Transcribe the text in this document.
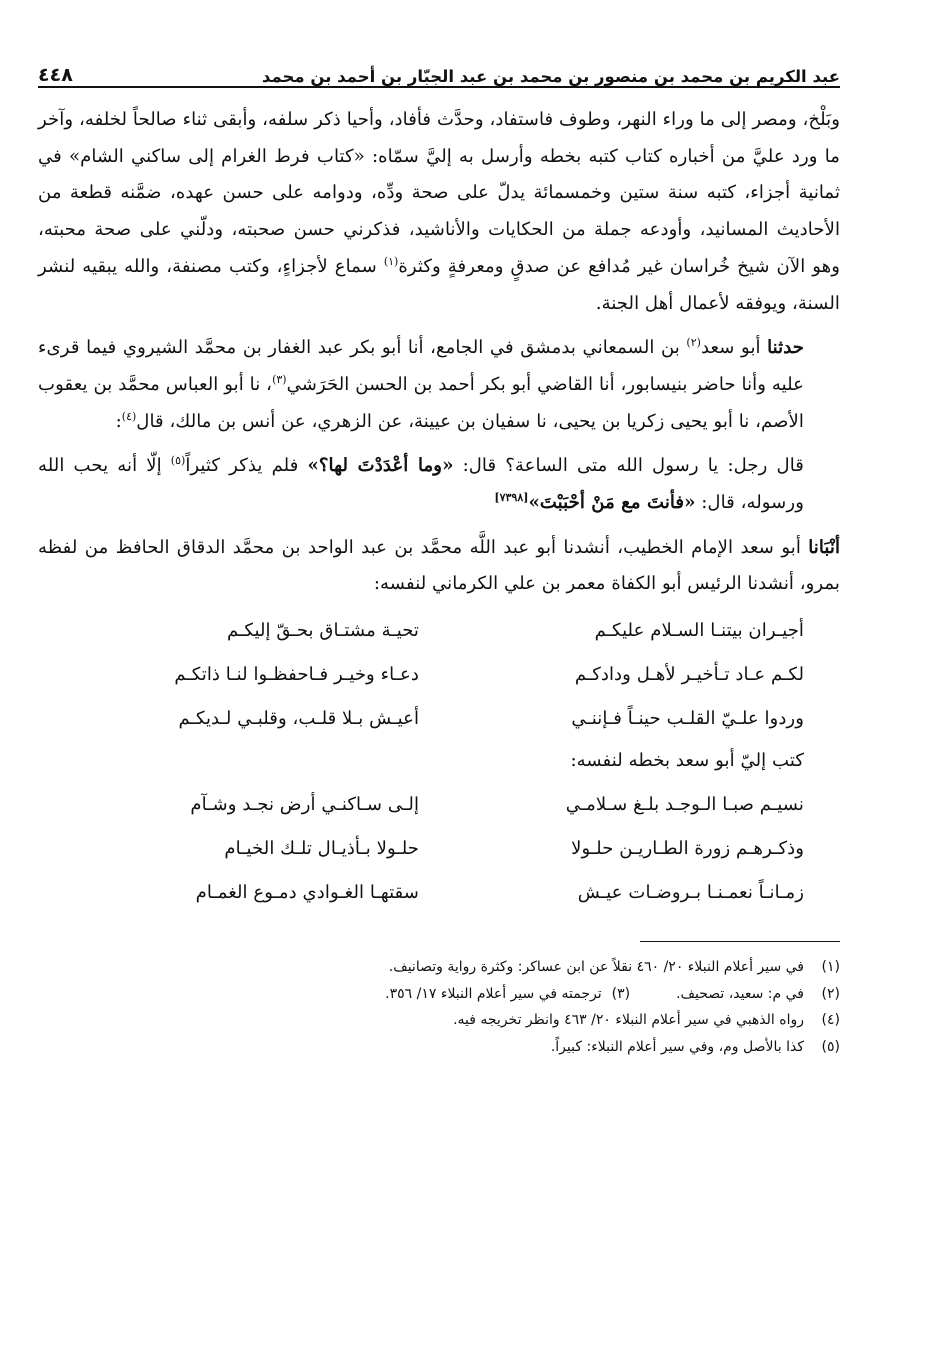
عبد الكريم بن محمد بن منصور بن محمد بن عبد الجبّار بن أحمد بن محمد
٤٤٨

وبَلْخ، ومصر إلى ما وراء النهر، وطوف فاستفاد، وحدَّث فأفاد، وأحيا ذكر سلفه، وأبقى ثناء صالحاً لخلفه، وآخر ما ورد عليَّ من أخباره كتاب كتبه بخطه وأرسل به إليَّ سمّاه: «كتاب فرط الغرام إلى ساكني الشام» في ثمانية أجزاء، كتبه سنة ستين وخمسمائة يدلّ على صحة ودِّه، ودوامه على حسن عهده، ضمَّنه قطعة من الأحاديث المسانيد، وأودعه جملة من الحكايات والأناشيد، فذكرني حسن صحبته، ودلّني على صحة محبته، وهو الآن شيخ خُراسان غير مُدافع عن صدقٍ ومعرفةٍ وكثرة$^{(١)}$ سماع لأجزاءٍ، وكتب مصنفة، والله يبقيه لنشر السنة، ويوفقه لأعمال أهل الجنة.

حدثنا أبو سعد$^{(٢)}$ بن السمعاني بدمشق في الجامع، أنا أبو بكر عبد الغفار بن محمَّد الشيروي فيما قرىء عليه وأنا حاضر بنيسابور، أنا القاضي أبو بكر أحمد بن الحسن الحَرَشي$^{(٣)}$، نا أبو العباس محمَّد بن يعقوب الأصم، نا أبو يحيى زكريا بن يحيى، نا سفيان بن عيينة، عن الزهري، عن أنس بن مالك، قال$^{(٤)}$:

قال رجل: يا رسول الله متى الساعة؟ قال: «وما أعْدَدْتَ لها؟» فلم يذكر كثيراً$^{(٥)}$ إلّا أنه يحب الله ورسوله، قال: «فأنتَ مع مَنْ أحْبَبْتَ»[٧٣٩٨]

أنْبَانا أبو سعد الإمام الخطيب، أنشدنا أبو عبد اللَّه محمَّد بن عبد الواحد بن محمَّد الدقاق الحافظ من لفظه بمرو، أنشدنا الرئيس أبو الكفاة معمر بن علي الكرماني لنفسه:

أجيـران بيتنـا السـلام عليكـم
تحيـة مشتـاق بحـقّ إليكـم
لكـم عـاد تـأخيـر لأهـل ودادكـم
دعـاء وخيـر فـاحفظـوا لنـا ذاتكـم
وردوا علـيّ القلـب حينـاً فـإننـي
أعيـش بـلا قلـب، وقلبـي لـديكـم
كتب إليّ أبو سعد بخطه لنفسه:
نسيـم صبـا الـوجـد بلـغ سـلامـي
إلـى سـاكنـي أرض نجـد وشـآم
وذكـرهـم زورة الطـاريـن حلـولا
حلـولا بـأذيـال تلـك الخيـام
زمـانـاً نعمـنـا بـروضـات عيـش
سقتهـا الغـوادي دمـوع الغمـام
(١)
في سير أعلام النبلاء ٢٠/ ٤٦٠ نقلاً عن ابن عساكر: وكثرة رواية وتصانيف.
(٢)
في م: سعيد، تصحيف.
(٣)
ترجمته في سير أعلام النبلاء ١٧/ ٣٥٦.
(٤)
رواه الذهبي في سير أعلام النبلاء ٢٠/ ٤٦٣ وانظر تخريجه فيه.
(٥)
كذا بالأصل وم، وفي سير أعلام النبلاء: كبيراً.
